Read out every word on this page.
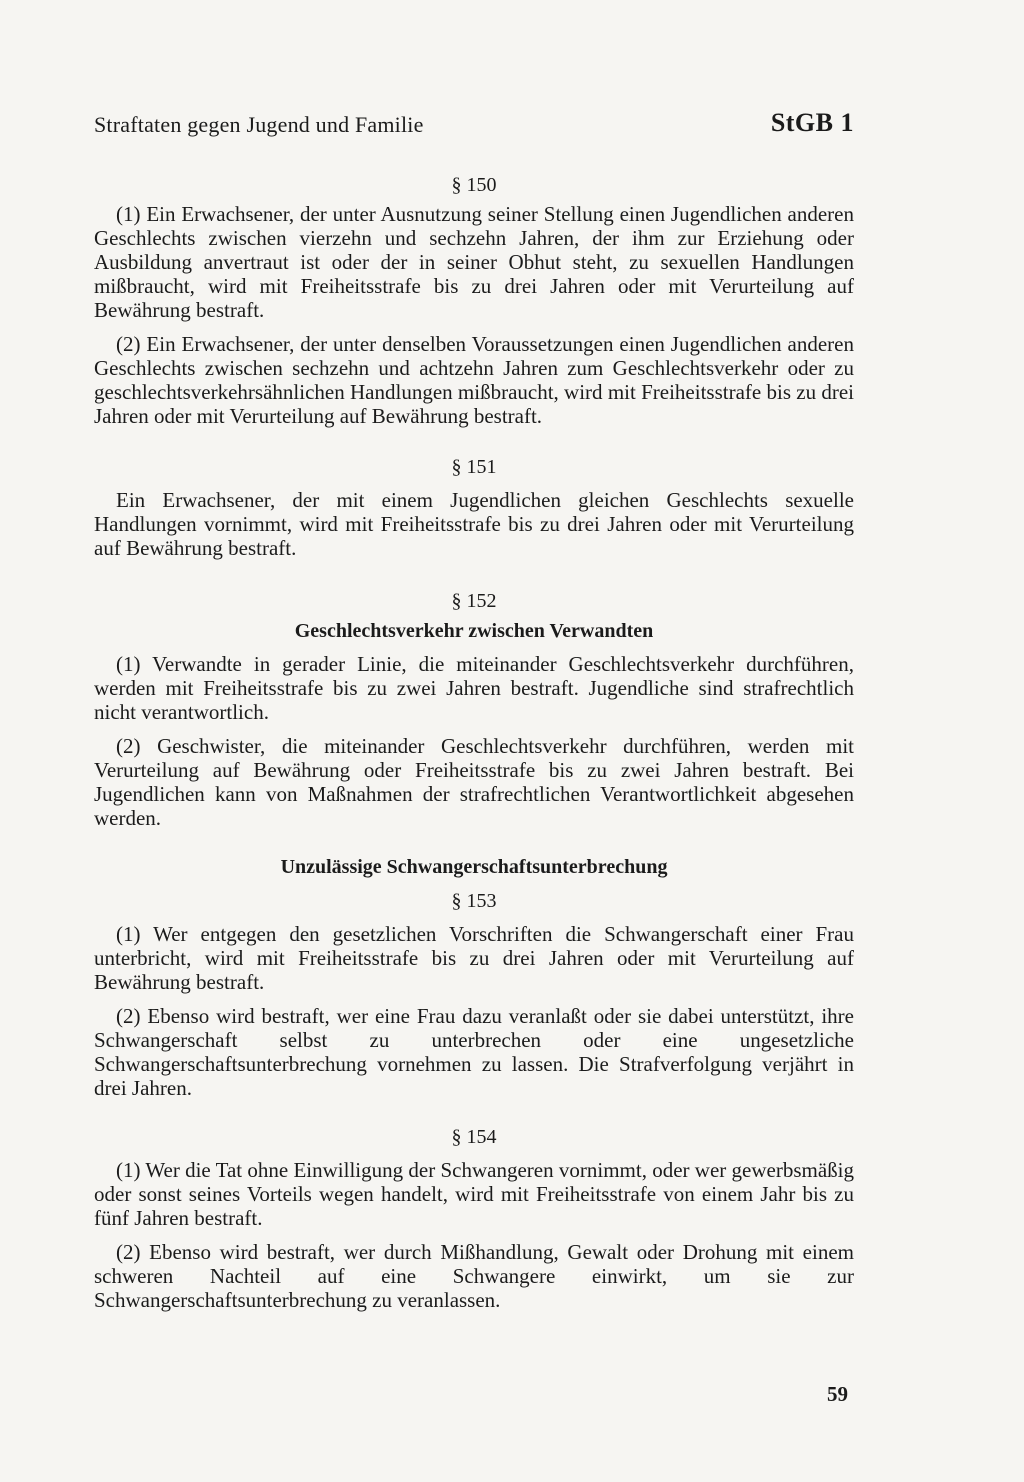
Straftaten gegen Jugend und Familie	StGB 1
§ 150

(1) Ein Erwachsener, der unter Ausnutzung seiner Stellung einen Jugendlichen anderen Geschlechts zwischen vierzehn und sechzehn Jahren, der ihm zur Erziehung oder Ausbildung anvertraut ist oder der in seiner Obhut steht, zu sexuellen Handlungen mißbraucht, wird mit Freiheitsstrafe bis zu drei Jahren oder mit Verurteilung auf Bewährung bestraft.

(2) Ein Erwachsener, der unter denselben Voraussetzungen einen Jugendlichen anderen Geschlechts zwischen sechzehn und achtzehn Jahren zum Geschlechtsverkehr oder zu geschlechtsverkehrsähnlichen Handlungen mißbraucht, wird mit Freiheitsstrafe bis zu drei Jahren oder mit Verurteilung auf Bewährung bestraft.

§ 151

Ein Erwachsener, der mit einem Jugendlichen gleichen Geschlechts sexuelle Handlungen vornimmt, wird mit Freiheitsstrafe bis zu drei Jahren oder mit Verurteilung auf Bewährung bestraft.

§ 152
Geschlechtsverkehr zwischen Verwandten

(1) Verwandte in gerader Linie, die miteinander Geschlechtsverkehr durchführen, werden mit Freiheitsstrafe bis zu zwei Jahren bestraft. Jugendliche sind strafrechtlich nicht verantwortlich.

(2) Geschwister, die miteinander Geschlechtsverkehr durchführen, werden mit Verurteilung auf Bewährung oder Freiheitsstrafe bis zu zwei Jahren bestraft. Bei Jugendlichen kann von Maßnahmen der strafrechtlichen Verantwortlichkeit abgesehen werden.

Unzulässige Schwangerschaftsunterbrechung
§ 153

(1) Wer entgegen den gesetzlichen Vorschriften die Schwangerschaft einer Frau unterbricht, wird mit Freiheitsstrafe bis zu drei Jahren oder mit Verurteilung auf Bewährung bestraft.

(2) Ebenso wird bestraft, wer eine Frau dazu veranlaßt oder sie dabei unterstützt, ihre Schwangerschaft selbst zu unterbrechen oder eine ungesetzliche Schwangerschaftsunterbrechung vornehmen zu lassen. Die Strafverfolgung verjährt in drei Jahren.

§ 154

(1) Wer die Tat ohne Einwilligung der Schwangeren vornimmt, oder wer gewerbsmäßig oder sonst seines Vorteils wegen handelt, wird mit Freiheitsstrafe von einem Jahr bis zu fünf Jahren bestraft.

(2) Ebenso wird bestraft, wer durch Mißhandlung, Gewalt oder Drohung mit einem schweren Nachteil auf eine Schwangere einwirkt, um sie zur Schwangerschaftsunterbrechung zu veranlassen.

59
